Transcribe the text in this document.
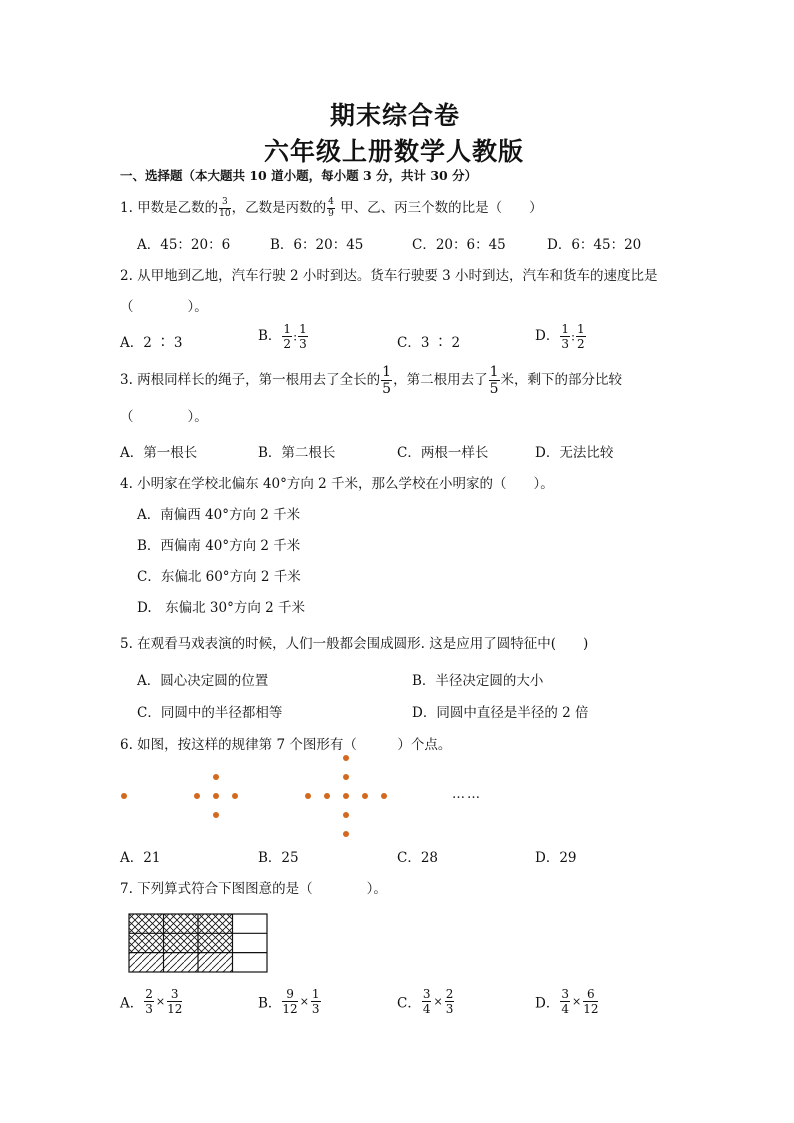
期末综合卷
六年级上册数学人教版
一、选择题（本大题共 10 道小题，每小题 3 分，共计 30 分）
1. 甲数是乙数的 $\frac{3}{10}$ ，乙数是丙数的 $\frac{4}{9}$ 甲、乙、丙三个数的比是（　　）
A．45：20：6	B．6：20：45	C．20：6：45	D．6：45：20
2. 从甲地到乙地，汽车行驶 2 小时到达。货车行驶要 3 小时到达，汽车和货车的速度比是
（　　　　）。
A．2 ∶ 3	B． $\frac{1}{2}$ : $\frac{1}{3}$	C．3 ∶ 2	D． $\frac{1}{3}$ : $\frac{1}{2}$
3. 两根同样长的绳子，第一根用去了全长的 $\frac{1}{5}$ ，第二根用去了 $\frac{1}{5}$ 米，剩下的部分比较
（　　　　）。
A．第一根长	B．第二根长	C．两根一样长	D．无法比较
4. 小明家在学校北偏东 40°方向 2 千米，那么学校在小明家的（　　）。
A．南偏西 40°方向 2 千米
B．西偏南 40°方向 2 千米
C．东偏北 60°方向 2 千米
D.　东偏北 30°方向 2 千米
5. 在观看马戏表演的时候，人们一般都会围成圆形. 这是应用了圆特征中(　　)
A．圆心决定圆的位置	B．半径决定圆的大小
C．同圆中的半径都相等	D．同圆中直径是半径的 2 倍
6. 如图，按这样的规律第 7 个图形有（　　　）个点。
……
A．21	B．25	C．28	D．29
7. 下列算式符合下图图意的是（　　　　）。
A． $\frac{2}{3} \times \frac{3}{12}$	B． $\frac{9}{12} \times \frac{1}{3}$	C． $\frac{3}{4} \times \frac{2}{3}$	D． $\frac{3}{4} \times \frac{6}{12}$
